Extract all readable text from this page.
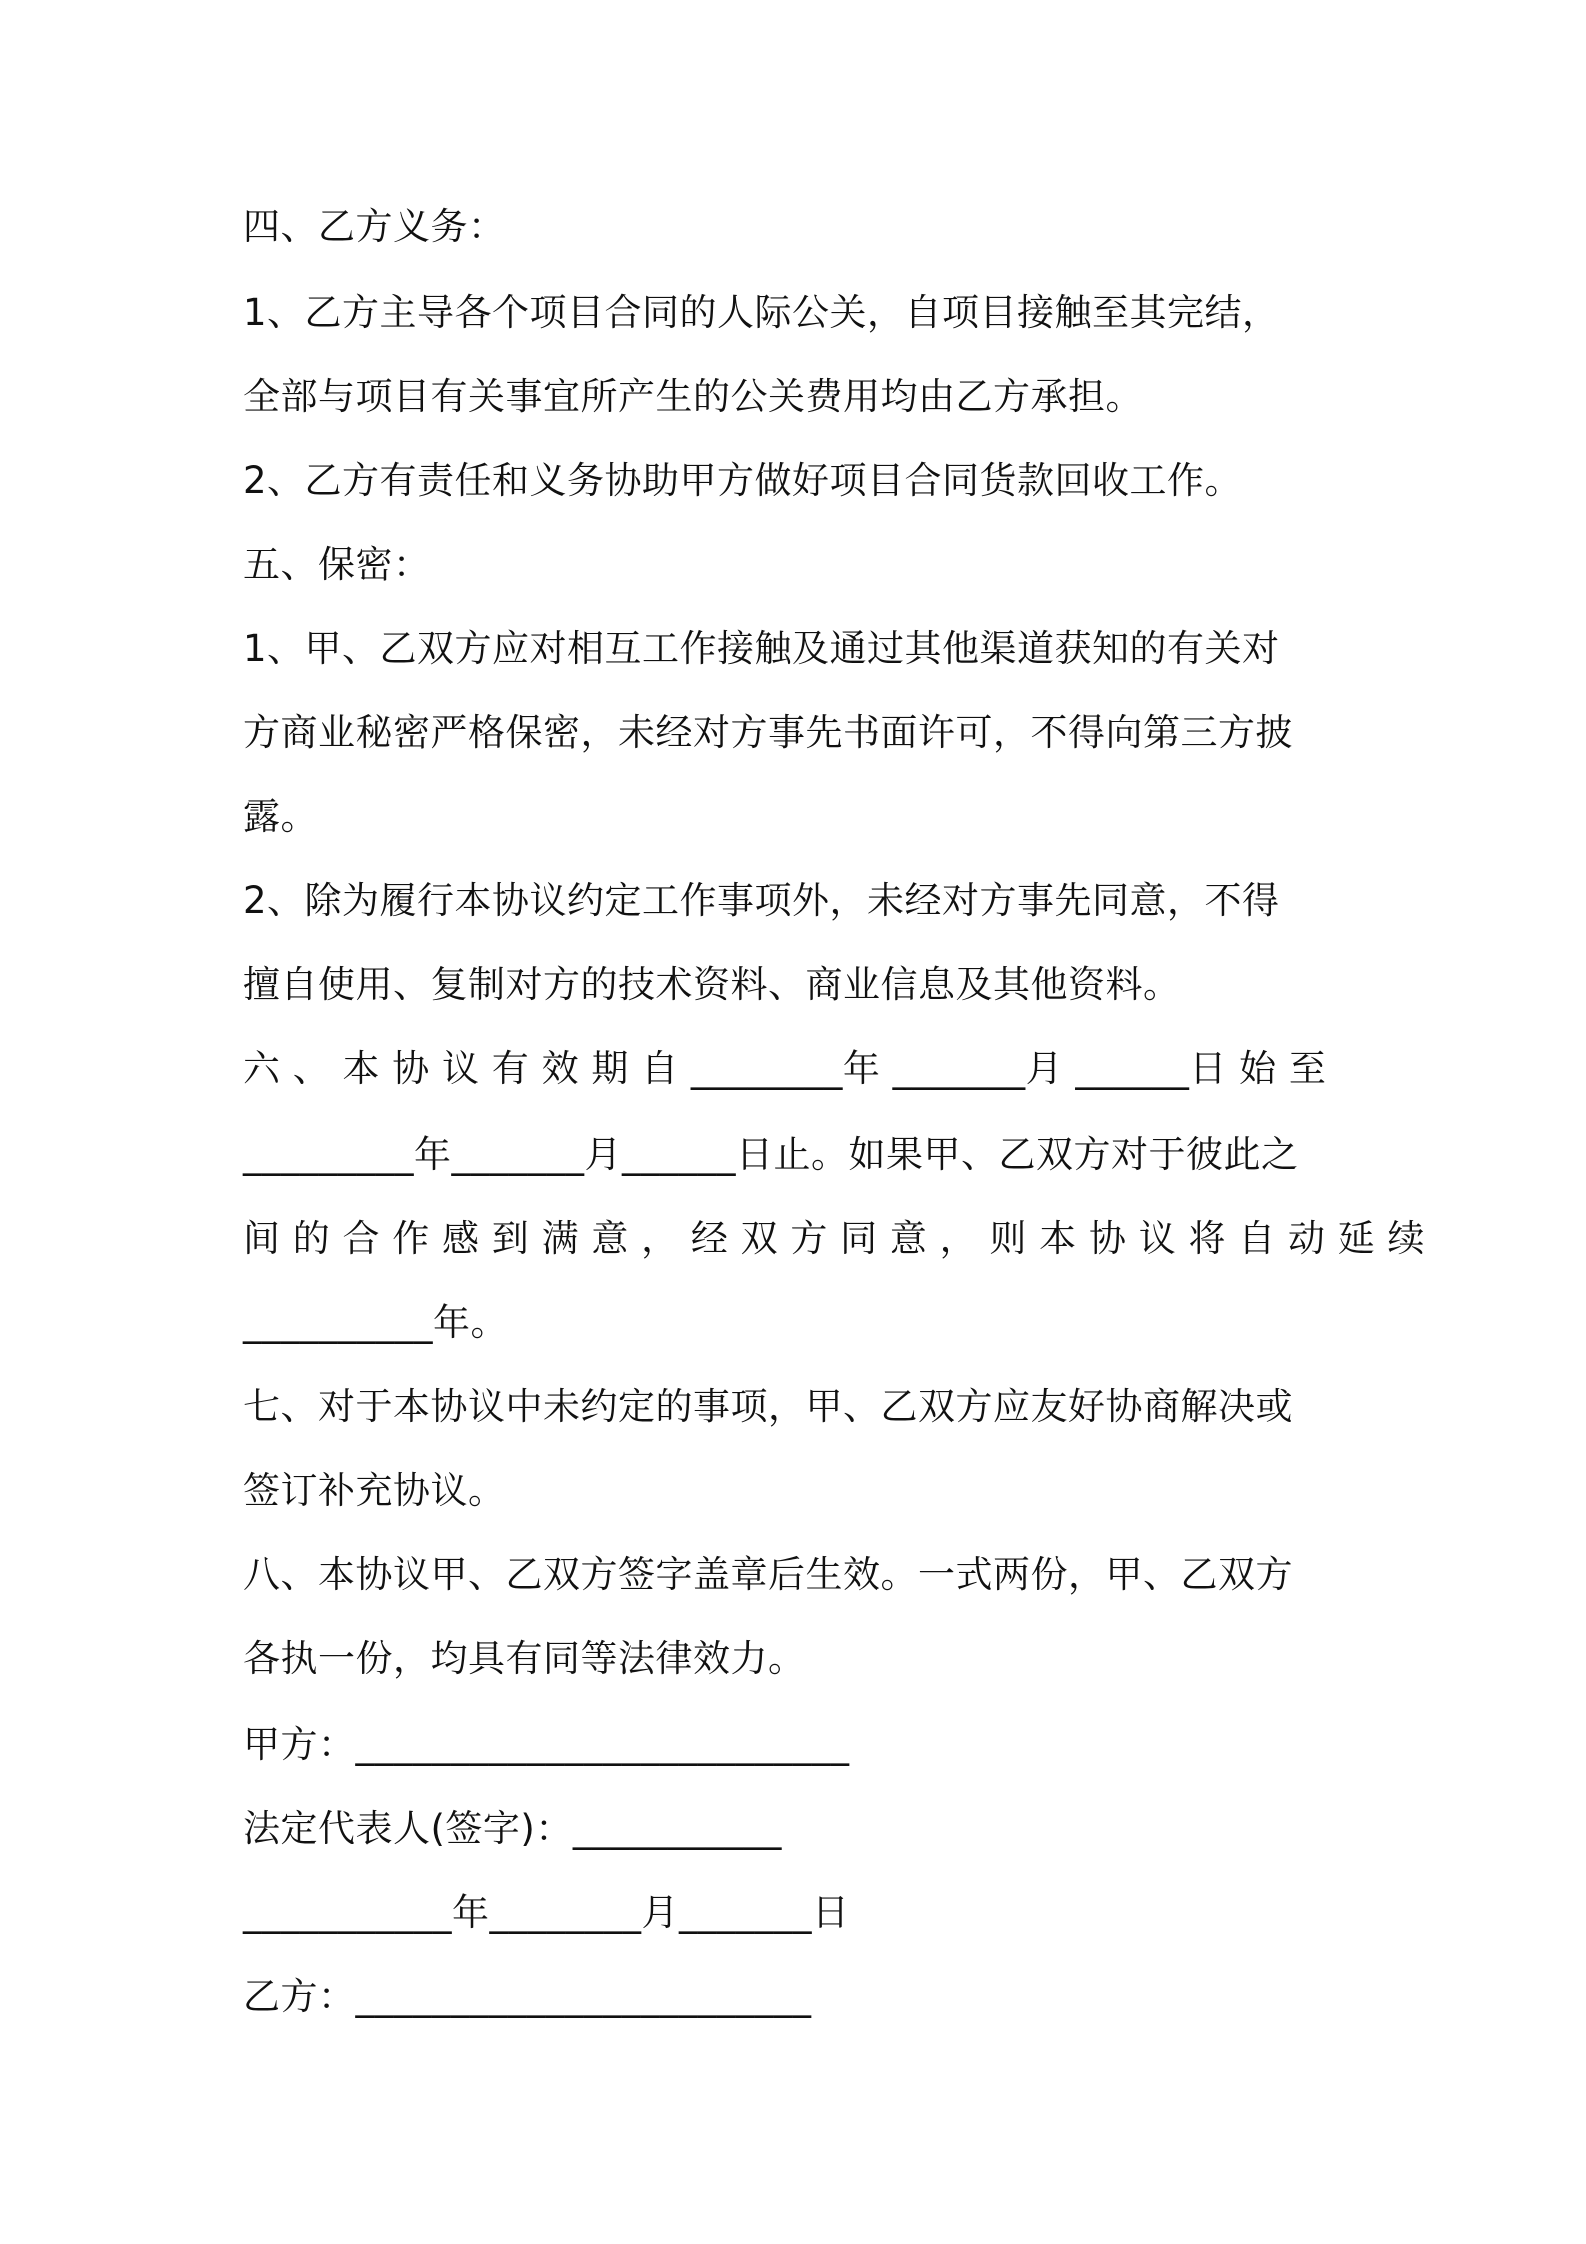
四、乙方义务：
1、乙方主导各个项目合同的人际公关，自项目接触至其完结，
全部与项目有关事宜所产生的公关费用均由乙方承担。
2、乙方有责任和义务协助甲方做好项目合同货款回收工作。
五、保密：
1、甲、乙双方应对相互工作接触及通过其他渠道获知的有关对
方商业秘密严格保密，未经对方事先书面许可，不得向第三方披
露。
2、除为履行本协议约定工作事项外，未经对方事先同意，不得
擅自使用、复制对方的技术资料、商业信息及其他资料。
六 、 本 协 议 有 效 期 自 ________年 _______月 ______日 始 至
_________年_______月______日止。如果甲、乙双方对于彼此之
间 的 合 作 感 到 满 意 ， 经 双 方 同 意 ， 则 本 协 议 将 自 动 延 续
__________年。
七、对于本协议中未约定的事项，甲、乙双方应友好协商解决或
签订补充协议。
八、本协议甲、乙双方签字盖章后生效。一式两份，甲、乙双方
各执一份，均具有同等法律效力。
甲方：__________________________
法定代表人(签字)：___________
___________年________月_______日
乙方：________________________
